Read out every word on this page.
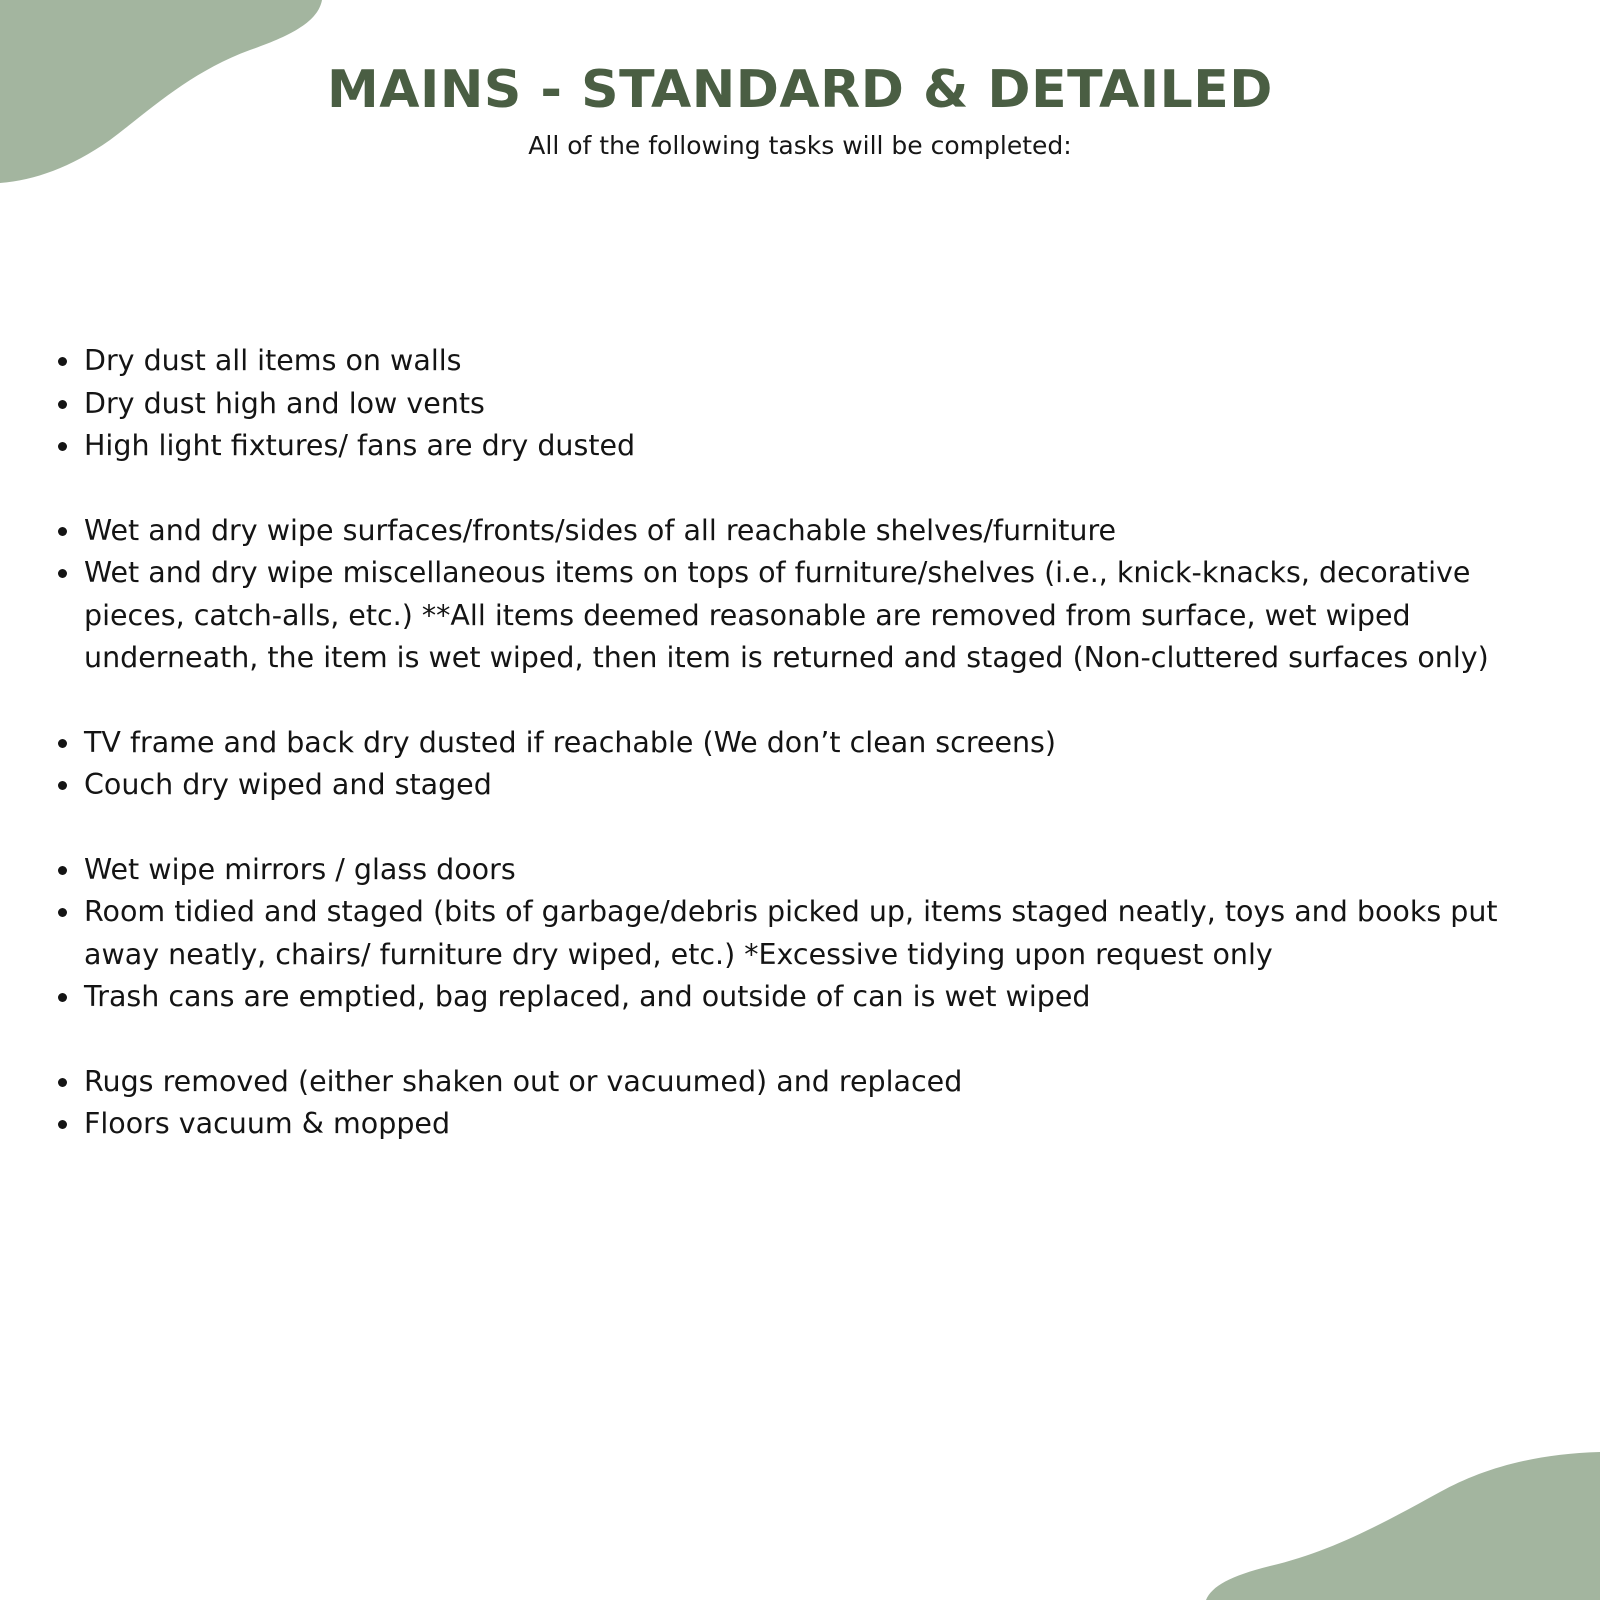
MAINS - STANDARD & DETAILED

All of the following tasks will be completed:

Dry dust all items on walls
Dry dust high and low vents
High light fixtures/ fans are dry dusted
Wet and dry wipe surfaces/fronts/sides of all reachable shelves/furniture
Wet and dry wipe miscellaneous items on tops of furniture/shelves (i.e., knick-knacks, decorative pieces, catch-alls, etc.) **All items deemed reasonable are removed from surface, wet wiped underneath, the item is wet wiped, then item is returned and staged (Non-cluttered surfaces only)
TV frame and back dry dusted if reachable (We don’t clean screens)
Couch dry wiped and staged
Wet wipe mirrors / glass doors
Room tidied and staged (bits of garbage/debris picked up, items staged neatly, toys and books put away neatly, chairs/ furniture dry wiped, etc.) *Excessive tidying upon request only
Trash cans are emptied, bag replaced, and outside of can is wet wiped
Rugs removed (either shaken out or vacuumed) and replaced
Floors vacuum & mopped
